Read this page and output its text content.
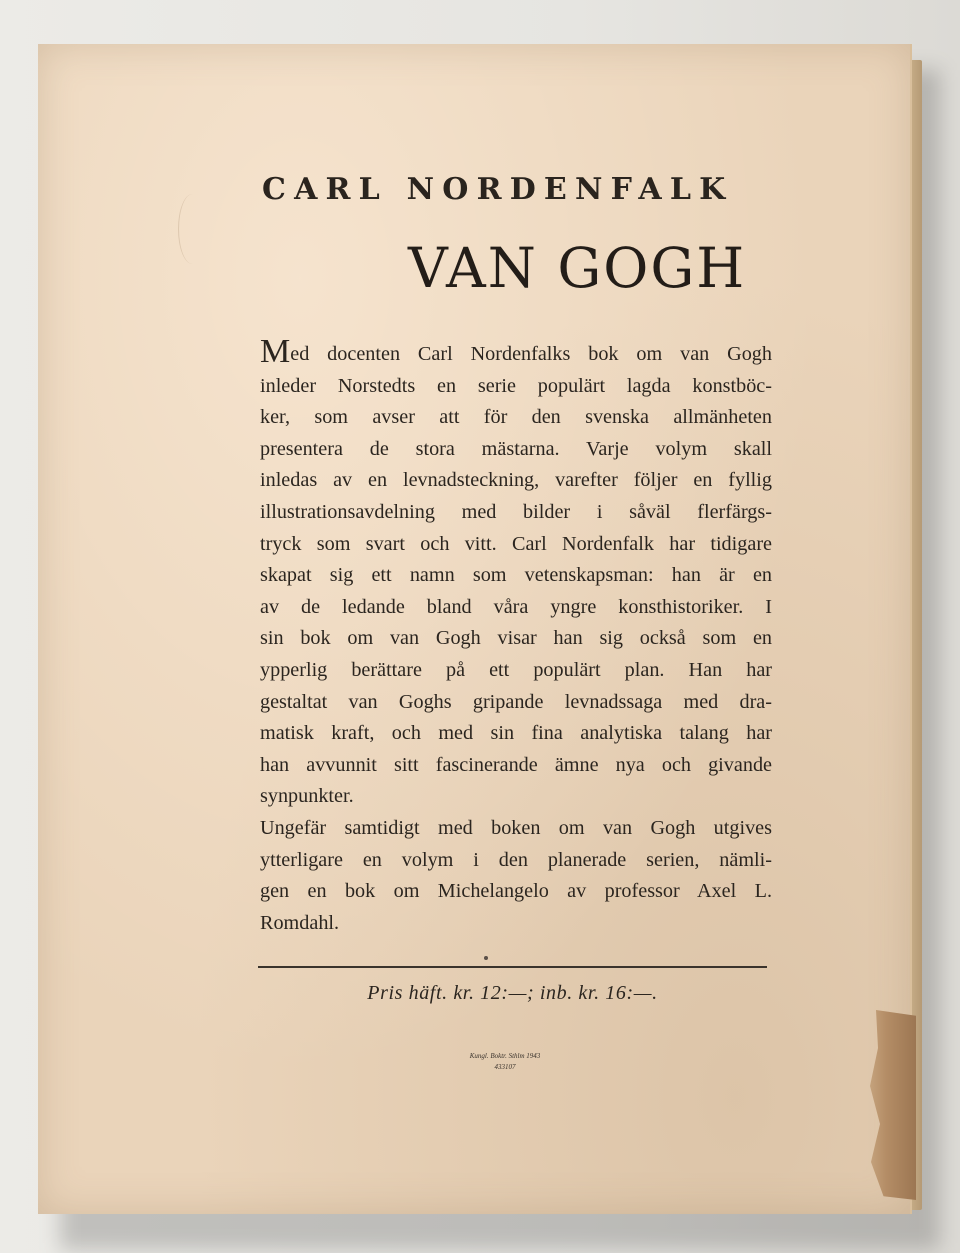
CARL NORDENFALK
VAN GOGH
Med docenten Carl Nordenfalks bok om van Gogh
inleder Norstedts en serie populärt lagda konstböc-
ker, som avser att för den svenska allmänheten
presentera de stora mästarna. Varje volym skall
inledas av en levnadsteckning, varefter följer en fyllig
illustrationsavdelning med bilder i såväl flerfärgs-
tryck som svart och vitt. Carl Nordenfalk har tidigare
skapat sig ett namn som vetenskapsman: han är en
av de ledande bland våra yngre konsthistoriker. I
sin bok om van Gogh visar han sig också som en
ypperlig berättare på ett populärt plan. Han har
gestaltat van Goghs gripande levnadssaga med dra-
matisk kraft, och med sin fina analytiska talang har
han avvunnit sitt fascinerande ämne nya och givande
synpunkter.
Ungefär samtidigt med boken om van Gogh utgives
ytterligare en volym i den planerade serien, nämli-
gen en bok om Michelangelo av professor Axel L.
Romdahl.
Pris häft. kr. 12:—; inb. kr. 16:—.
Kungl. Boktr. Sthlm 1943
433107
